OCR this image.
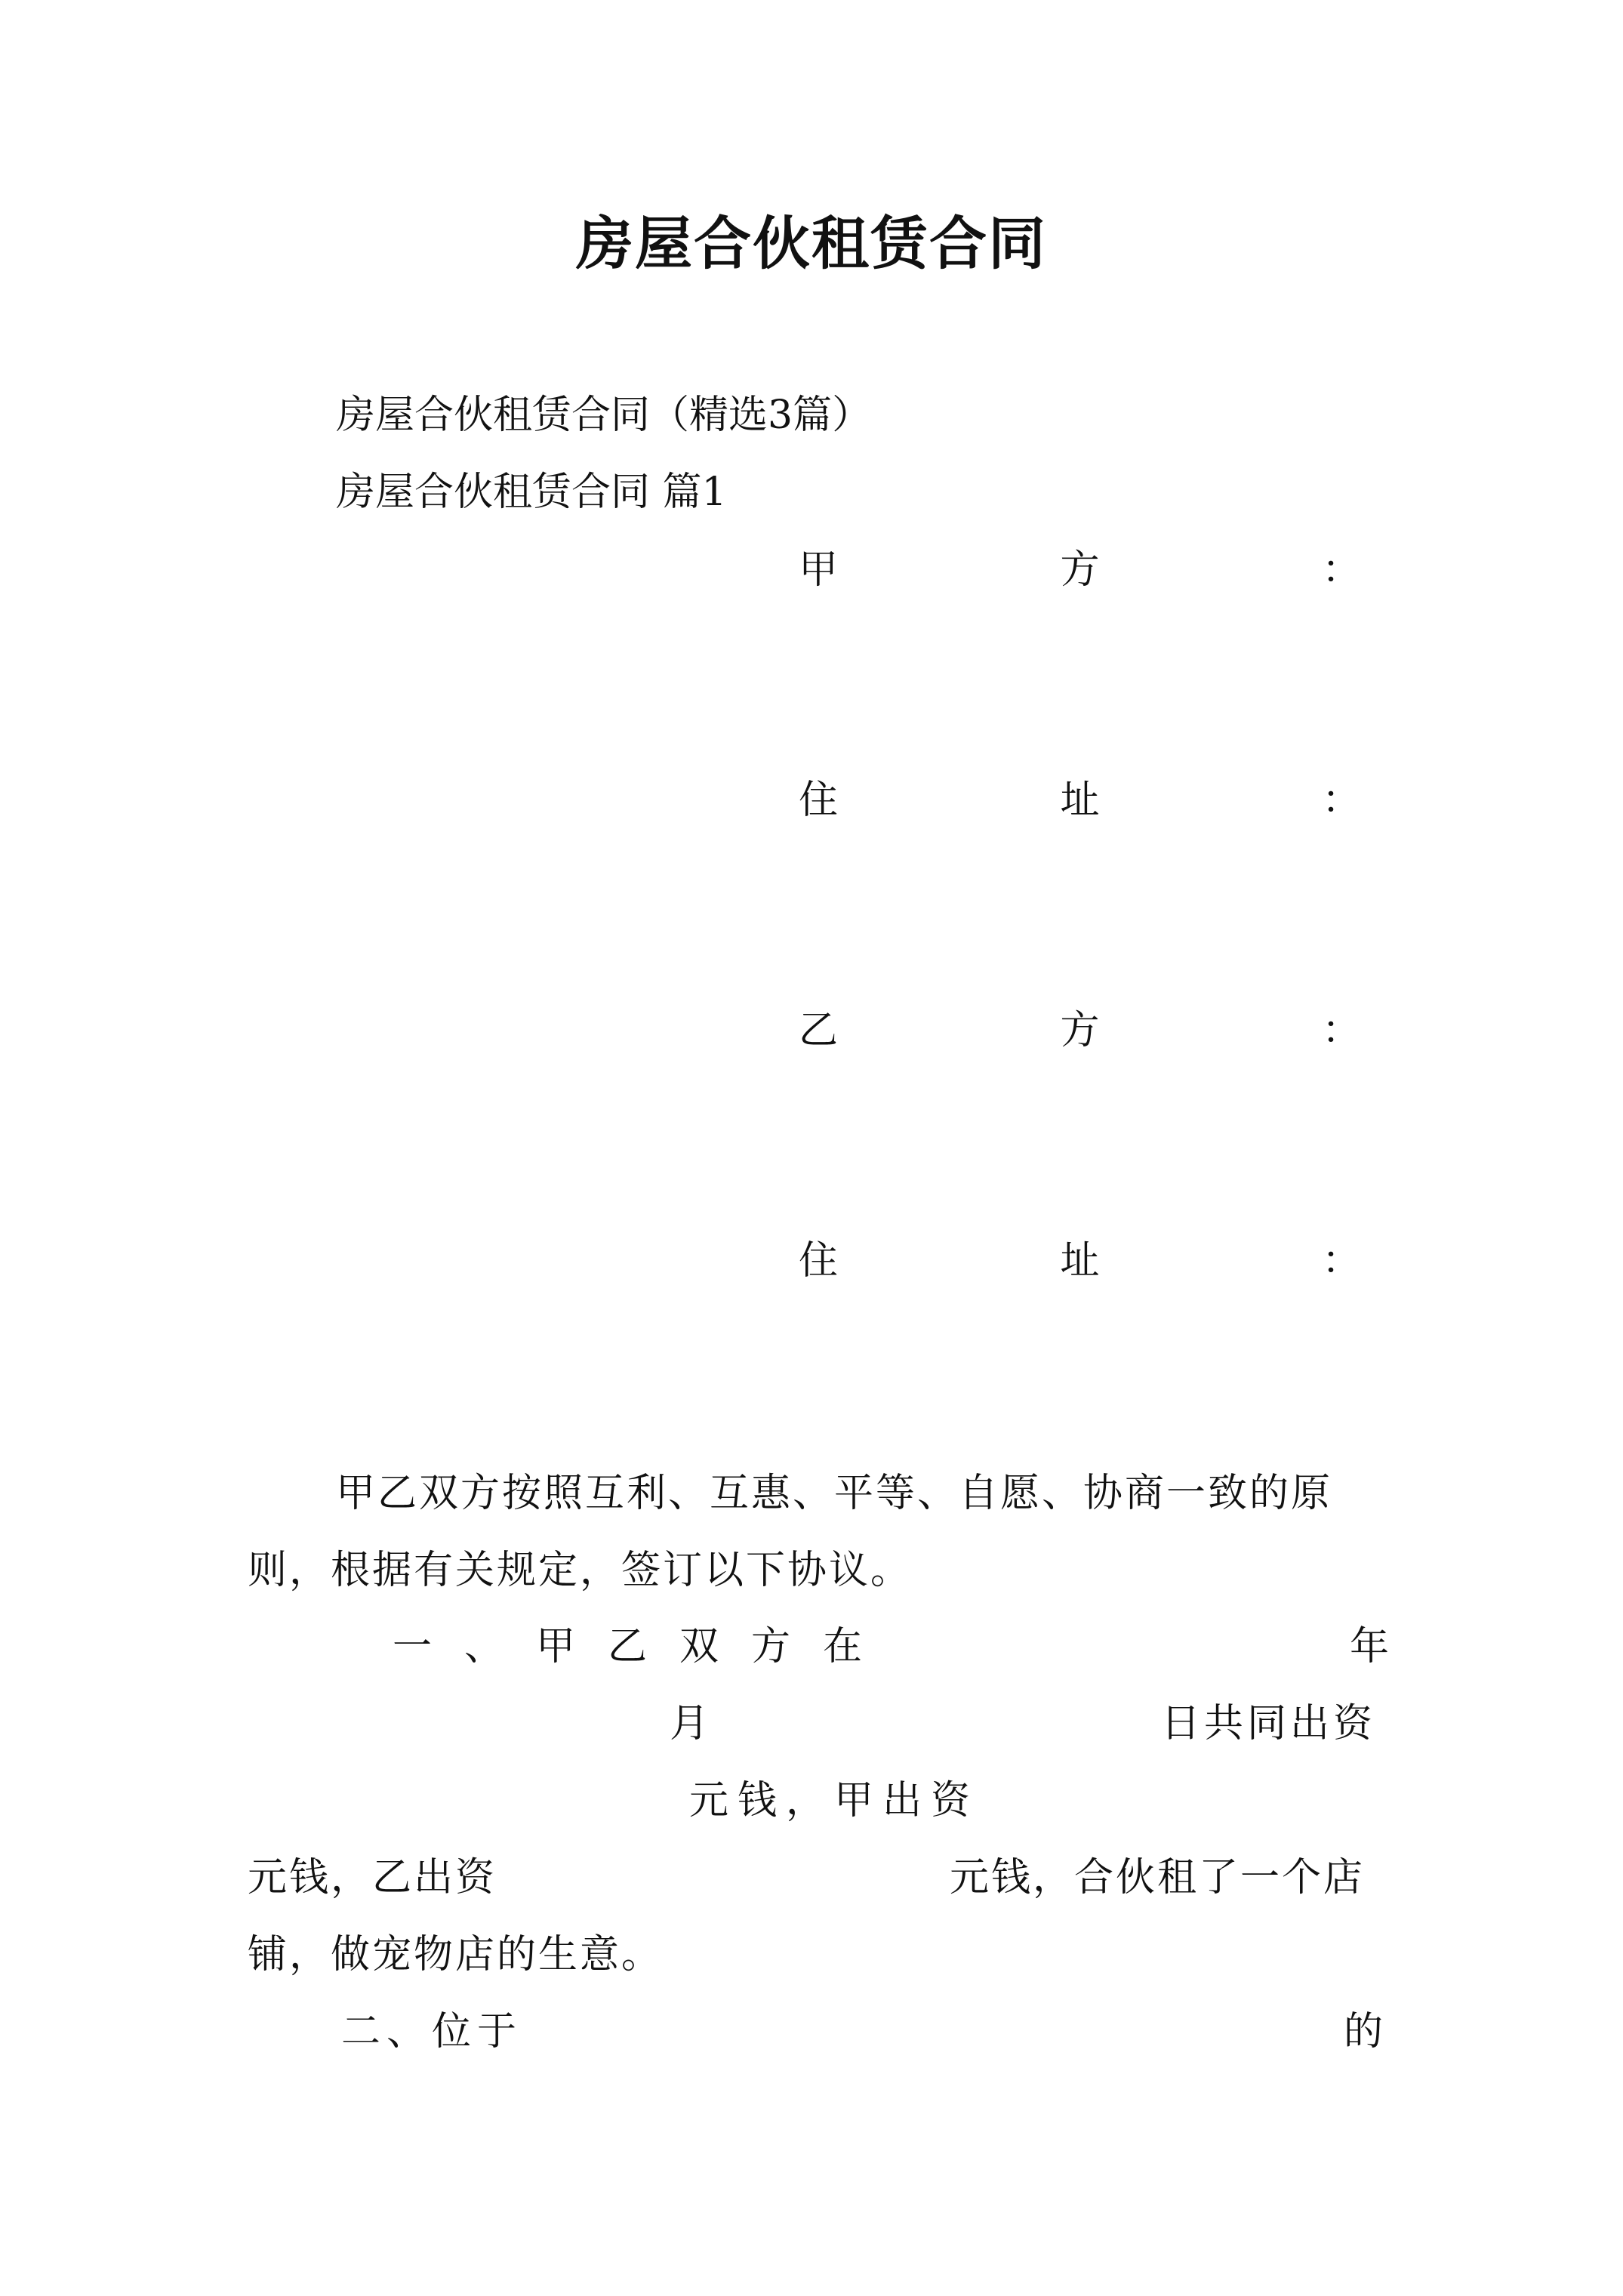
房屋合伙租赁合同
房屋合伙租赁合同（精选3篇）
房屋合伙租赁合同 篇1
甲	方	：
住	址	：
乙	方	：
住	址	：
甲乙双方按照互利、互惠、平等、自愿、协商一致的原
则，根据有关规定，签订以下协议。
一 、 甲 乙 双 方 在	年
月	日共同出资
元钱，甲出资
元钱，乙出资	元钱，合伙租了一个店
铺，做宠物店的生意。
二、位于	的
